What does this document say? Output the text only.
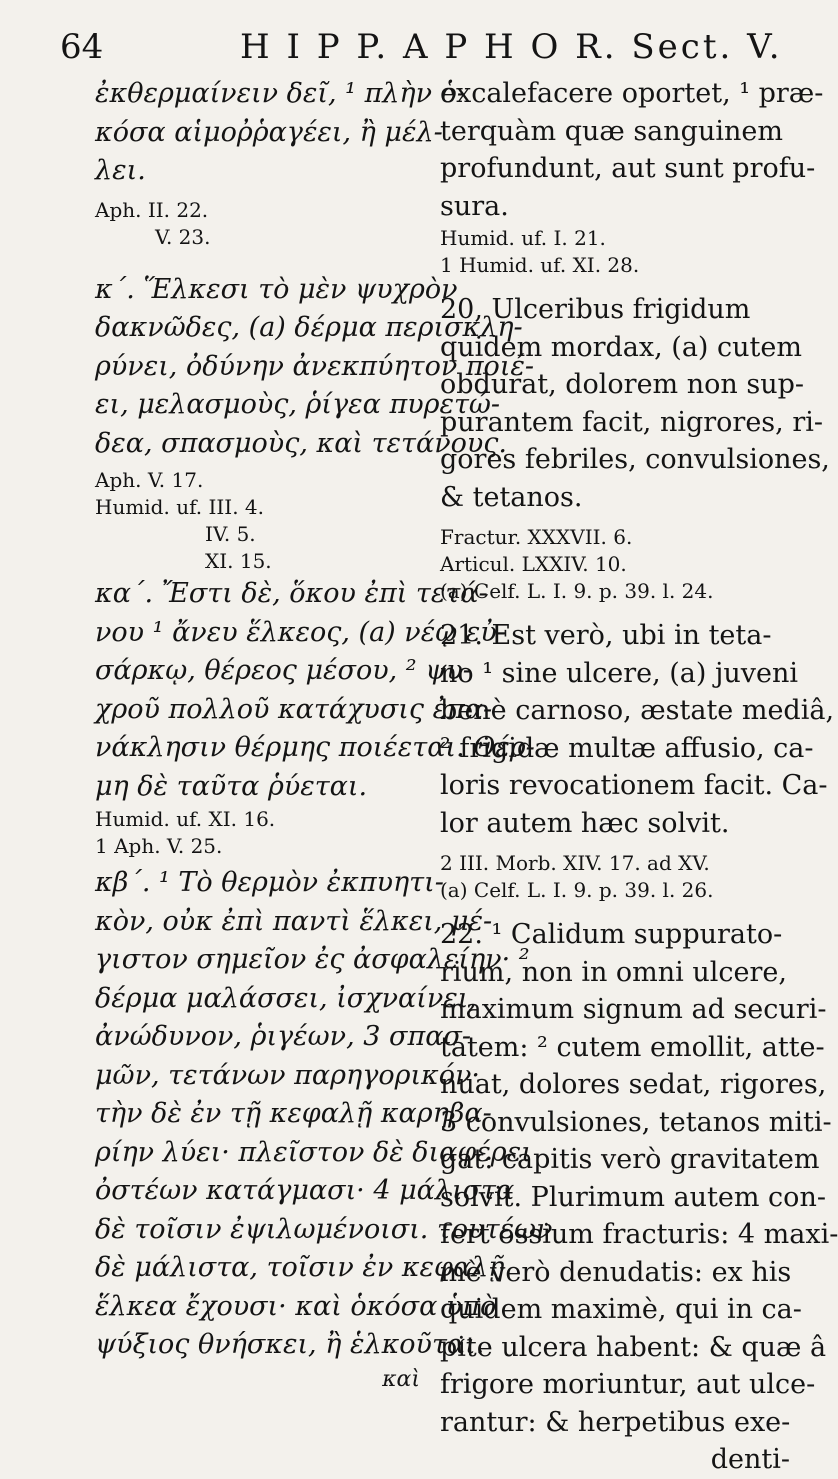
64	H I P P. A P H O R. Sect. V.
ἐκθερμαίνειν δεῖ, ¹ πλὴν ὁ-
κόσα αἱμοῤῥαγέει, ἢ μέλ-
λει.
Aph. II. 22.
V. 23.
κ΄. Ἕλκεσι τὸ μὲν ψυχρὸν
δακνῶδες, (a) δέρμα περισκλη-
ρύνει, ὀδύνην ἀνεκπύητον ποιέ-
ει, μελασμοὺς, ῥίγεα πυρετώ-
δεα, σπασμοὺς, καὶ τετάνους.
Aph. V. 17.
Humid. uf. III. 4.
IV. 5.
XI. 15.
κα΄. Ἔστι δὲ, ὅκου ἐπὶ τετά-
νου ¹ ἄνευ ἕλκεος, (a) νέῳ εὐ-
σάρκῳ, θέρεος μέσου, ² ψυ-
χροῦ πολλοῦ κατάχυσις ἐπα-
νάκλησιν θέρμης ποιέεται. Θέρ-
μη δὲ ταῦτα ῥύεται.
Humid. uf. XI. 16.
1 Aph. V. 25.
κβ΄. ¹ Τὸ θερμὸν ἐκπυητι-
κὸν, οὐκ ἐπὶ παντὶ ἕλκει, μέ-
γιστον σημεῖον ἐς ἀσφαλείην· ²
δέρμα μαλάσσει, ἰσχναίνει,
ἀνώδυνον, ῥιγέων, 3 σπασ-
μῶν, τετάνων παρηγορικόν·
τὴν δὲ ἐν τῇ κεφαλῇ καρηβα-
ρίην λύει· πλεῖστον δὲ διαφέρει
ὀστέων κατάγμασι· 4 μάλιστα
δὲ τοῖσιν ἐψιλωμένοισι. τουτέων
δὲ μάλιστα, τοῖσιν ἐν κεφαλῇ
ἕλκεα ἔχουσι· καὶ ὁκόσα ὑπὸ
ψύξιος θνήσκει, ἢ ἑλκοῦται.
καὶ
excalefacere oportet, ¹ præ-
terquàm quæ sanguinem
profundunt, aut sunt profu-
sura.
Humid. uf. I. 21.
1 Humid. uf. XI. 28.
20, Ulceribus frigidum
quidem mordax, (a) cutem
obdurat, dolorem non sup-
purantem facit, nigrores, ri-
gores febriles, convulsiones,
& tetanos.
Fractur. XXXVII. 6.
Articul. LXXIV. 10.
(a) Celf. L. I. 9. p. 39. l. 24.
21. Est verò, ubi in teta-
no ¹ sine ulcere, (a) juveni
benè carnoso, æstate mediâ,
² frigidæ multæ affusio, ca-
loris revocationem facit. Ca-
lor autem hæc solvit.
2 III. Morb. XIV. 17. ad XV.
(a) Celf. L. I. 9. p. 39. l. 26.
22. ¹ Calidum suppurato-
rium, non in omni ulcere,
maximum signum ad securi-
tatem: ² cutem emollit, atte-
nuat, dolores sedat, rigores,
3 convulsiones, tetanos miti-
gat: capitis verò gravitatem
solvit. Plurimum autem con-
fert ossium fracturis: 4 maxi-
mè verò denudatis: ex his
quidem maximè, qui in ca-
pite ulcera habent: & quæ â
frigore moriuntur, aut ulce-
rantur: & herpetibus exe-
denti-
